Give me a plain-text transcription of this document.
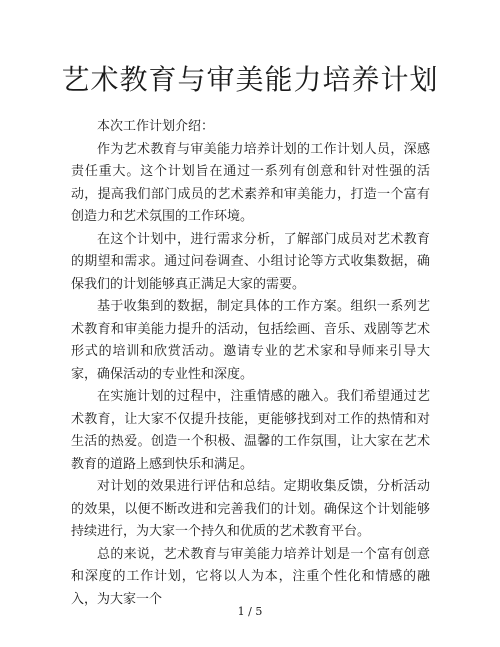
艺术教育与审美能力培养计划

本次工作计划介绍：

作为艺术教育与审美能力培养计划的工作计划人员，深感责任重大。这个计划旨在通过一系列有创意和针对性强的活动，提高我们部门成员的艺术素养和审美能力，打造一个富有创造力和艺术氛围的工作环境。

在这个计划中，进行需求分析，了解部门成员对艺术教育的期望和需求。通过问卷调查、小组讨论等方式收集数据，确保我们的计划能够真正满足大家的需要。

基于收集到的数据，制定具体的工作方案。组织一系列艺术教育和审美能力提升的活动，包括绘画、音乐、戏剧等艺术形式的培训和欣赏活动。邀请专业的艺术家和导师来引导大家，确保活动的专业性和深度。

在实施计划的过程中，注重情感的融入。我们希望通过艺术教育，让大家不仅提升技能，更能够找到对工作的热情和对生活的热爱。创造一个积极、温馨的工作氛围，让大家在艺术教育的道路上感到快乐和满足。

对计划的效果进行评估和总结。定期收集反馈，分析活动的效果，以便不断改进和完善我们的计划。确保这个计划能够持续进行，为大家一个持久和优质的艺术教育平台。

总的来说，艺术教育与审美能力培养计划是一个富有创意和深度的工作计划，它将以人为本，注重个性化和情感的融入，为大家一个

1 / 5
